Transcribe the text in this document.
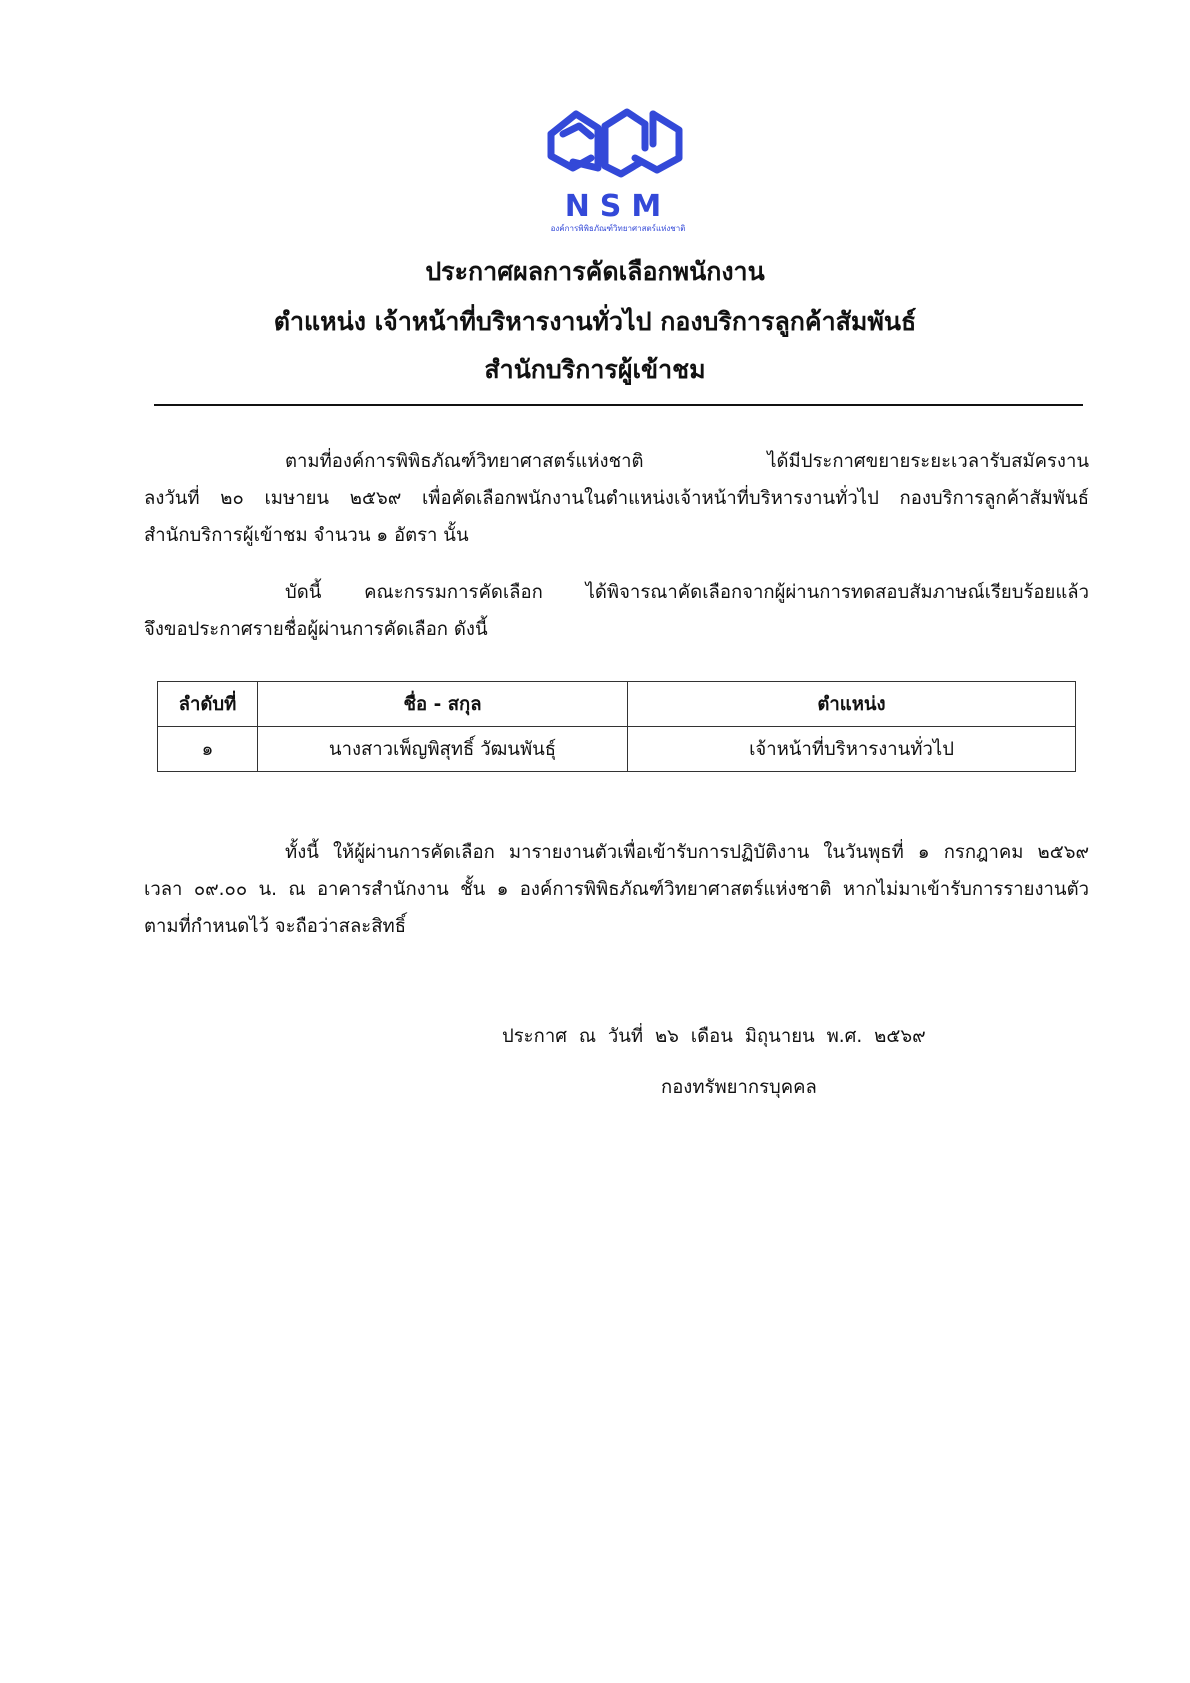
NSM
องค์การพิพิธภัณฑ์วิทยาศาสตร์แห่งชาติ
ประกาศผลการคัดเลือกพนักงาน
ตำแหน่ง เจ้าหน้าที่บริหารงานทั่วไป กองบริการลูกค้าสัมพันธ์
สำนักบริการผู้เข้าชม
ตามที่องค์การพิพิธภัณฑ์วิทยาศาสตร์แห่งชาติ ได้มีประกาศขยายระยะเวลารับสมัครงาน
ลงวันที่ ๒๐ เมษายน ๒๕๖๙ เพื่อคัดเลือกพนักงานในตำแหน่งเจ้าหน้าที่บริหารงานทั่วไป กองบริการลูกค้าสัมพันธ์
สำนักบริการผู้เข้าชม จำนวน ๑ อัตรา นั้น
บัดนี้ คณะกรรมการคัดเลือก ได้พิจารณาคัดเลือกจากผู้ผ่านการทดสอบสัมภาษณ์เรียบร้อยแล้ว
จึงขอประกาศรายชื่อผู้ผ่านการคัดเลือก ดังนี้
ลำดับที่	ชื่อ - สกุล	ตำแหน่ง
๑	นางสาวเพ็ญพิสุทธิ์ วัฒนพันธุ์	เจ้าหน้าที่บริหารงานทั่วไป
ทั้งนี้ ให้ผู้ผ่านการคัดเลือก มารายงานตัวเพื่อเข้ารับการปฏิบัติงาน ในวันพุธที่ ๑ กรกฎาคม ๒๕๖๙
เวลา ๐๙.๐๐ น. ณ อาคารสำนักงาน ชั้น ๑ องค์การพิพิธภัณฑ์วิทยาศาสตร์แห่งชาติ หากไม่มาเข้ารับการรายงานตัว
ตามที่กำหนดไว้ จะถือว่าสละสิทธิ์
ประกาศ ณ วันที่ ๒๖ เดือน มิถุนายน พ.ศ. ๒๕๖๙
กองทรัพยากรบุคคล
